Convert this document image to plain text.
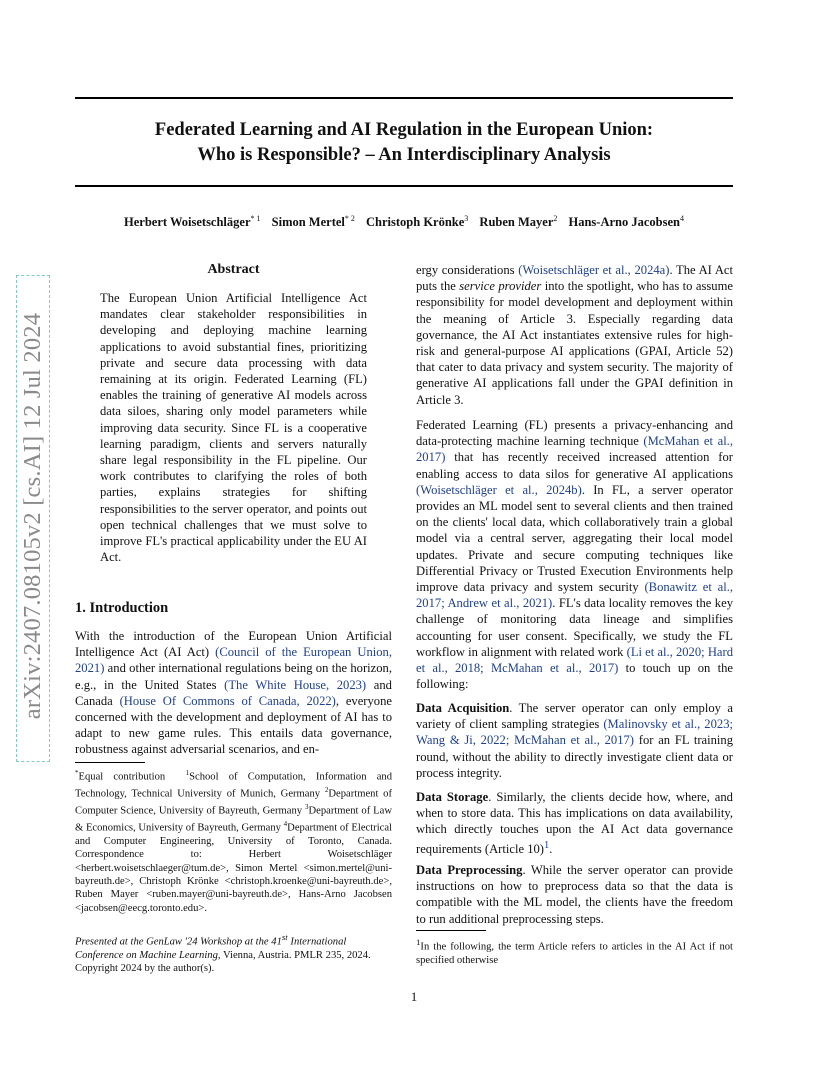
Federated Learning and AI Regulation in the European Union:
Who is Responsible? – An Interdisciplinary Analysis
Herbert Woisetschläger$^{* 1}$ Simon Mertel$^{* 2}$ Christoph Krönke$^3$ Ruben Mayer$^2$ Hans-Arno Jacobsen$^4$
arXiv:2407.08105v2 [cs.AI] 12 Jul 2024
Abstract
The European Union Artificial Intelligence Act mandates clear stakeholder responsibilities in developing and deploying machine learning applications to avoid substantial fines, prioritizing private and secure data processing with data remaining at its origin. Federated Learning (FL) enables the training of generative AI models across data siloes, sharing only model parameters while improving data security. Since FL is a cooperative learning paradigm, clients and servers naturally share legal responsibility in the FL pipeline. Our work contributes to clarifying the roles of both parties, explains strategies for shifting responsibilities to the server operator, and points out open technical challenges that we must solve to improve FL's practical applicability under the EU AI Act.
1. Introduction
With the introduction of the European Union Artificial Intelligence Act (AI Act) (Council of the European Union, 2021) and other international regulations being on the horizon, e.g., in the United States (The White House, 2023) and Canada (House Of Commons of Canada, 2022), everyone concerned with the development and deployment of AI has to adapt to new game rules. This entails data governance, robustness against adversarial scenarios, and en-
*Equal contribution	$^1$School of Computation, Information and Technology, Technical University of Munich, Germany $^2$Department of Computer Science, University of Bayreuth, Germany $^3$Department of Law & Economics, University of Bayreuth, Germany $^4$Department of Electrical and Computer Engineering, University of Toronto, Canada. Correspondence to: Herbert Woisetschläger <herbert.woisetschlaeger@tum.de>, Simon Mertel <simon.mertel@uni-bayreuth.de>, Christoph Krönke <christoph.kroenke@uni-bayreuth.de>, Ruben Mayer <ruben.mayer@uni-bayreuth.de>, Hans-Arno Jacobsen <jacobsen@eecg.toronto.edu>.
Presented at the GenLaw '24 Workshop at the 41st International Conference on Machine Learning, Vienna, Austria. PMLR 235, 2024. Copyright 2024 by the author(s).
ergy considerations (Woisetschläger et al., 2024a). The AI Act puts the service provider into the spotlight, who has to assume responsibility for model development and deployment within the meaning of Article 3. Especially regarding data governance, the AI Act instantiates extensive rules for high-risk and general-purpose AI applications (GPAI, Article 52) that cater to data privacy and system security. The majority of generative AI applications fall under the GPAI definition in Article 3.
Federated Learning (FL) presents a privacy-enhancing and data-protecting machine learning technique (McMahan et al., 2017) that has recently received increased attention for enabling access to data silos for generative AI applications (Woisetschläger et al., 2024b). In FL, a server operator provides an ML model sent to several clients and then trained on the clients' local data, which collaboratively train a global model via a central server, aggregating their local model updates. Private and secure computing techniques like Differential Privacy or Trusted Execution Environments help improve data privacy and system security (Bonawitz et al., 2017; Andrew et al., 2021). FL's data locality removes the key challenge of monitoring data lineage and simplifies accounting for user consent. Specifically, we study the FL workflow in alignment with related work (Li et al., 2020; Hard et al., 2018; McMahan et al., 2017) to touch up on the following:
Data Acquisition. The server operator can only employ a variety of client sampling strategies (Malinovsky et al., 2023; Wang & Ji, 2022; McMahan et al., 2017) for an FL training round, without the ability to directly investigate client data or process integrity.
Data Storage. Similarly, the clients decide how, where, and when to store data. This has implications on data availability, which directly touches upon the AI Act data governance requirements (Article 10)$^1$.
Data Preprocessing. While the server operator can provide instructions on how to preprocess data so that the data is compatible with the ML model, the clients have the freedom to run additional preprocessing steps.
$^1$In the following, the term Article refers to articles in the AI Act if not specified otherwise
1
